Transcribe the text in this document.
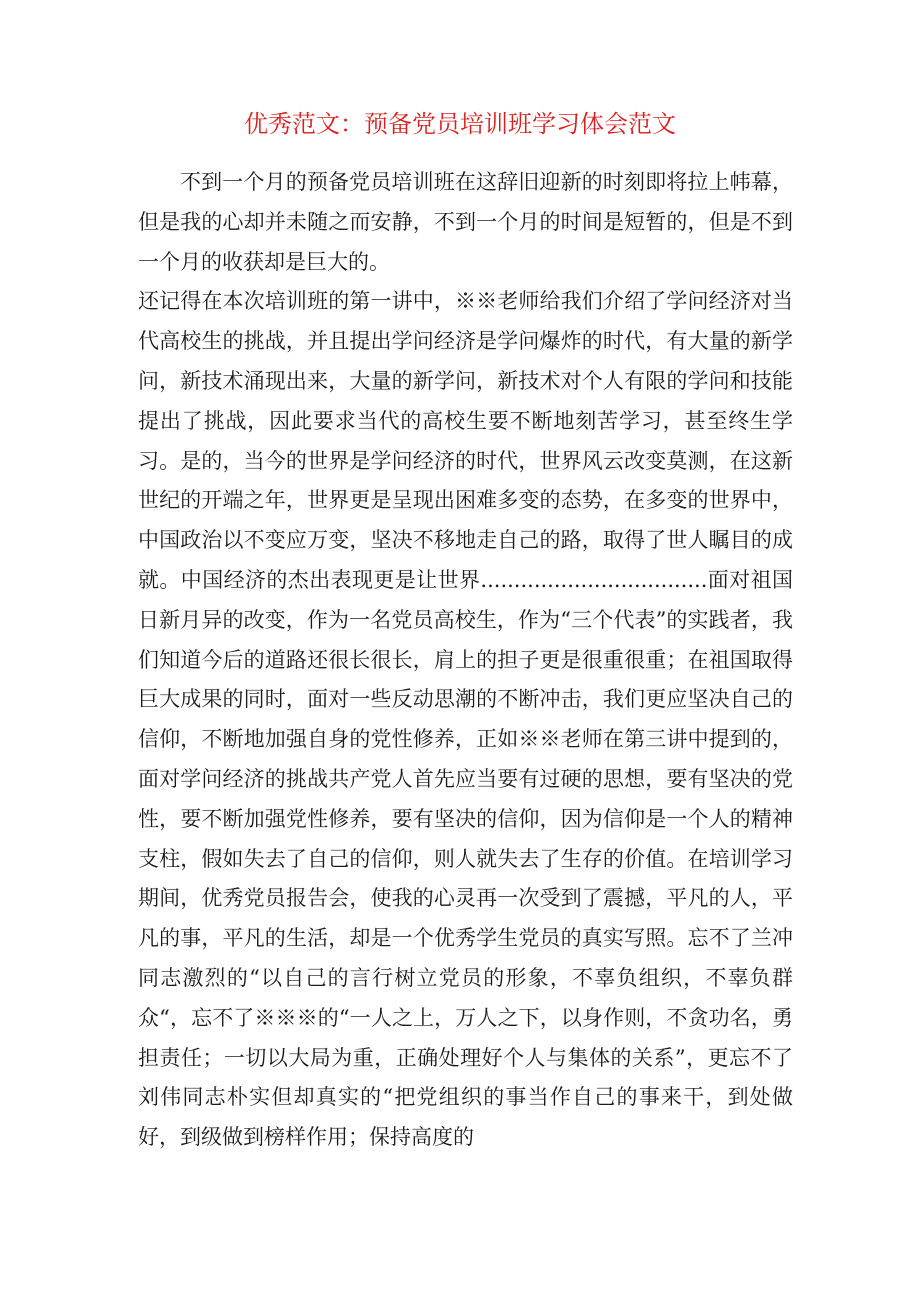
优秀范文：预备党员培训班学习体会范文

不到一个月的预备党员培训班在这辞旧迎新的时刻即将拉上帏幕，但是我的心却并未随之而安静，不到一个月的时间是短暂的，但是不到一个月的收获却是巨大的。

还记得在本次培训班的第一讲中，※※老师给我们介绍了学问经济对当代高校生的挑战，并且提出学问经济是学问爆炸的时代，有大量的新学问，新技术涌现出来，大量的新学问，新技术对个人有限的学问和技能提出了挑战，因此要求当代的高校生要不断地刻苦学习，甚至终生学习。是的，当今的世界是学问经济的时代，世界风云改变莫测，在这新世纪的开端之年，世界更是呈现出困难多变的态势，在多变的世界中，中国政治以不变应万变，坚决不移地走自己的路，取得了世人瞩目的成就。中国经济的杰出表现更是让世界..................................面对祖国日新月异的改变，作为一名党员高校生，作为“三个代表”的实践者，我们知道今后的道路还很长很长，肩上的担子更是很重很重；在祖国取得巨大成果的同时，面对一些反动思潮的不断冲击，我们更应坚决自己的信仰，不断地加强自身的党性修养，正如※※老师在第三讲中提到的，面对学问经济的挑战共产党人首先应当要有过硬的思想，要有坚决的党性，要不断加强党性修养，要有坚决的信仰，因为信仰是一个人的精神支柱，假如失去了自己的信仰，则人就失去了生存的价值。在培训学习期间，优秀党员报告会，使我的心灵再一次受到了震撼，平凡的人，平凡的事，平凡的生活，却是一个优秀学生党员的真实写照。忘不了兰冲同志激烈的“以自己的言行树立党员的形象，不辜负组织，不辜负群众“，忘不了※※※的“一人之上，万人之下，以身作则，不贪功名，勇担责任；一切以大局为重，正确处理好个人与集体的关系”，更忘不了刘伟同志朴实但却真实的“把党组织的事当作自己的事来干，到处做好，到级做到榜样作用；保持高度的
